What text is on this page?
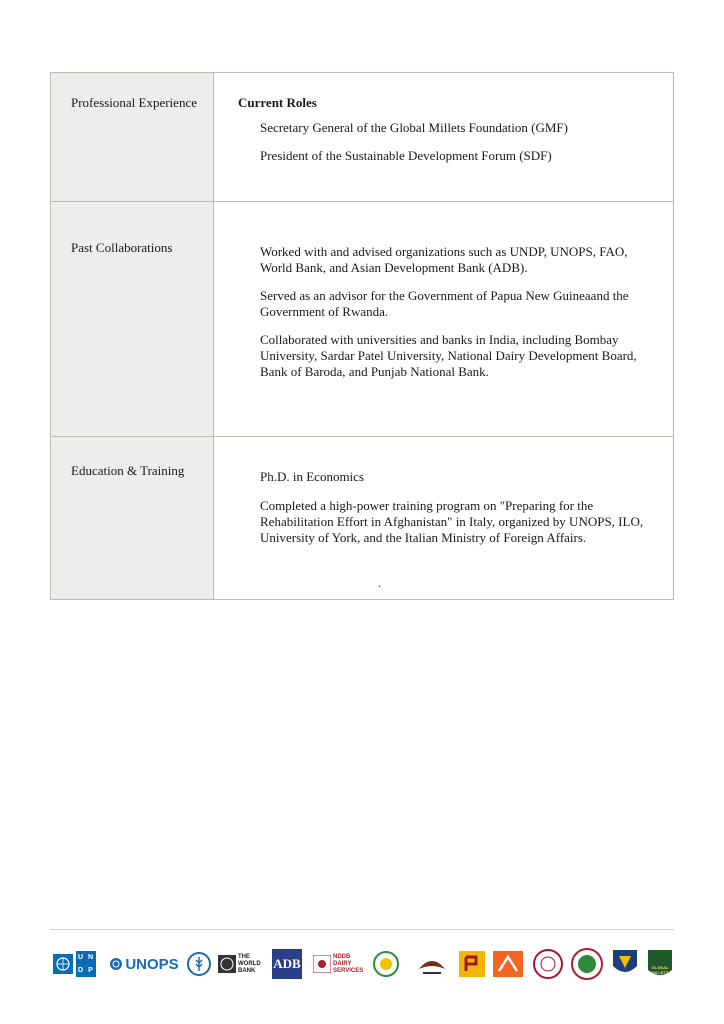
Professional Experience	Current Roles

Secretary General of the Global Millets Foundation (GMF)

President of the Sustainable Development Forum (SDF)

Past Collaborations	Worked with and advised organizations such as UNDP, UNOPS, FAO, World Bank, and Asian Development Bank (ADB).

Served as an advisor for the Government of Papua New Guineaand the Government of Rwanda.

Collaborated with universities and banks in India, including Bombay University, Sardar Patel University, National Dairy Development Board, Bank of Baroda, and Punjab National Bank.

Education & Training	Ph.D. in Economics

Completed a high-power training program on "Preparing for the Rehabilitation Effort in Afghanistan" in Italy, organized by UNOPS, ILO, University of York, and the Italian Ministry of Foreign Affairs.

.
U N
D P UNOPS	THE WORLD BANK	ADB	NDDB DAIRY SERVICES	GLOBAL MILLETS
